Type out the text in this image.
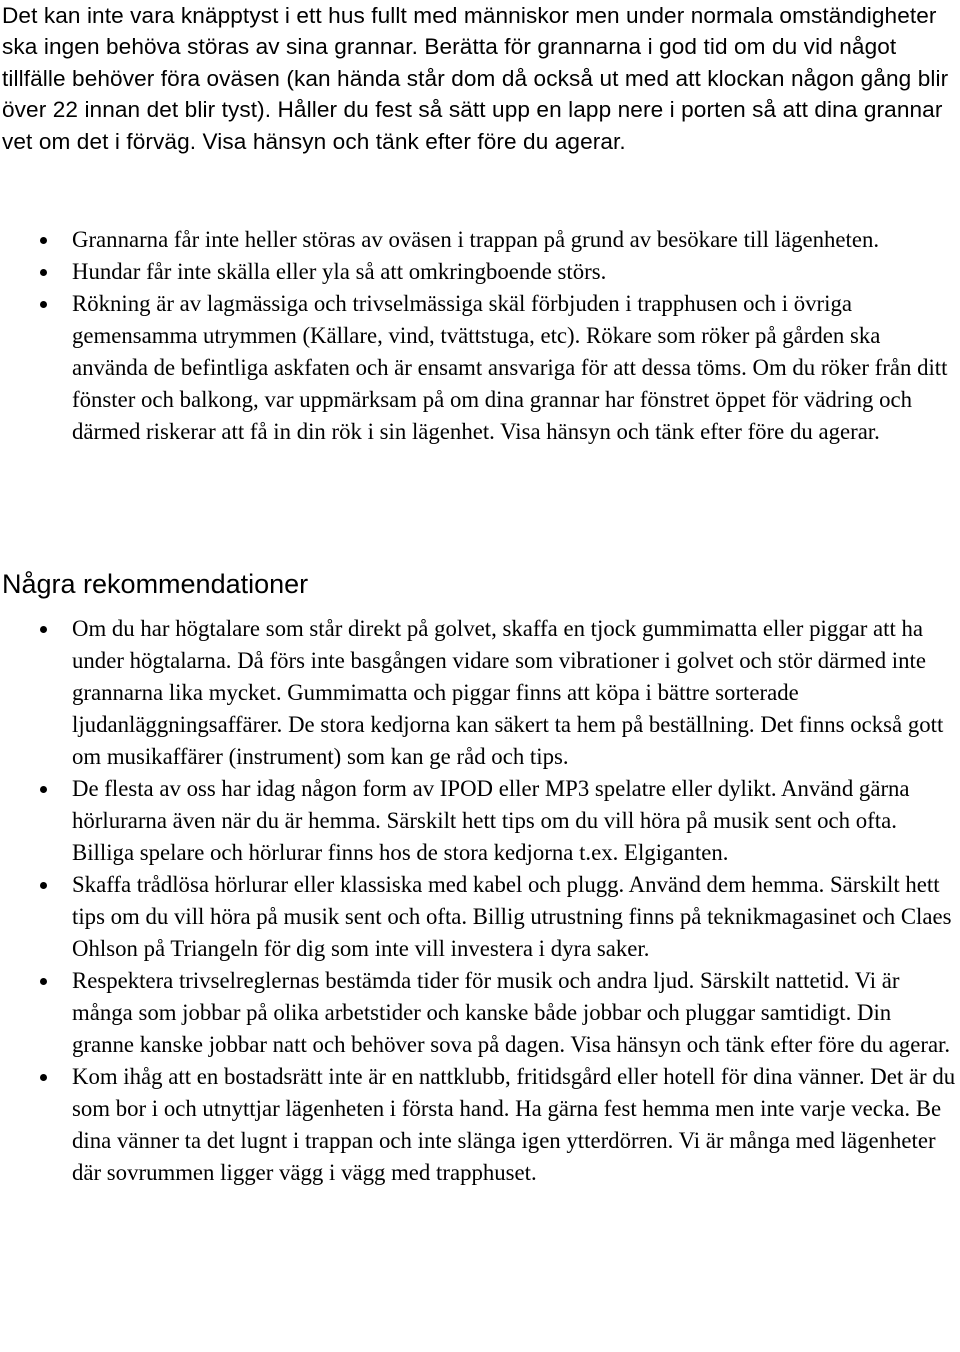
Det kan inte vara knäpptyst i ett hus fullt med människor men under normala omständigheter ska ingen behöva störas av sina grannar. Berätta för grannarna i god tid om du vid något tillfälle behöver föra oväsen (kan hända står dom då också ut med att klockan någon gång blir över 22 innan det blir tyst). Håller du fest så sätt upp en lapp nere i porten så att dina grannar vet om det i förväg. Visa hänsyn och tänk efter före du agerar.

Grannarna får inte heller störas av oväsen i trappan på grund av besökare till lägenheten.
Hundar får inte skälla eller yla så att omkringboende störs.
Rökning är av lagmässiga och trivselmässiga skäl förbjuden i trapphusen och i övriga gemensamma utrymmen (Källare, vind, tvättstuga, etc). Rökare som röker på gården ska använda de befintliga askfaten och är ensamt ansvariga för att dessa töms. Om du röker från ditt fönster och balkong, var uppmärksam på om dina grannar har fönstret öppet för vädring och därmed riskerar att få in din rök i sin lägenhet. Visa hänsyn och tänk efter före du agerar.
Några rekommendationer
Om du har högtalare som står direkt på golvet, skaffa en tjock gummimatta eller piggar att ha under högtalarna. Då förs inte basgången vidare som vibrationer i golvet och stör därmed inte grannarna lika mycket. Gummimatta och piggar finns att köpa i bättre sorterade ljudanläggningsaffärer. De stora kedjorna kan säkert ta hem på beställning. Det finns också gott om musikaffärer (instrument) som kan ge råd och tips.
De flesta av oss har idag någon form av IPOD eller MP3 spelatre eller dylikt. Använd gärna hörlurarna även när du är hemma. Särskilt hett tips om du vill höra på musik sent och ofta. Billiga spelare och hörlurar finns hos de stora kedjorna t.ex. Elgiganten.
Skaffa trådlösa hörlurar eller klassiska med kabel och plugg. Använd dem hemma. Särskilt hett tips om du vill höra på musik sent och ofta. Billig utrustning finns på teknikmagasinet och Claes Ohlson på Triangeln för dig som inte vill investera i dyra saker.
Respektera trivselreglernas bestämda tider för musik och andra ljud. Särskilt nattetid. Vi är många som jobbar på olika arbetstider och kanske både jobbar och pluggar samtidigt. Din granne kanske jobbar natt och behöver sova på dagen. Visa hänsyn och tänk efter före du agerar.
Kom ihåg att en bostadsrätt inte är en nattklubb, fritidsgård eller hotell för dina vänner. Det är du som bor i och utnyttjar lägenheten i första hand. Ha gärna fest hemma men inte varje vecka. Be dina vänner ta det lugnt i trappan och inte slänga igen ytterdörren. Vi är många med lägenheter där sovrummen ligger vägg i vägg med trapphuset.
